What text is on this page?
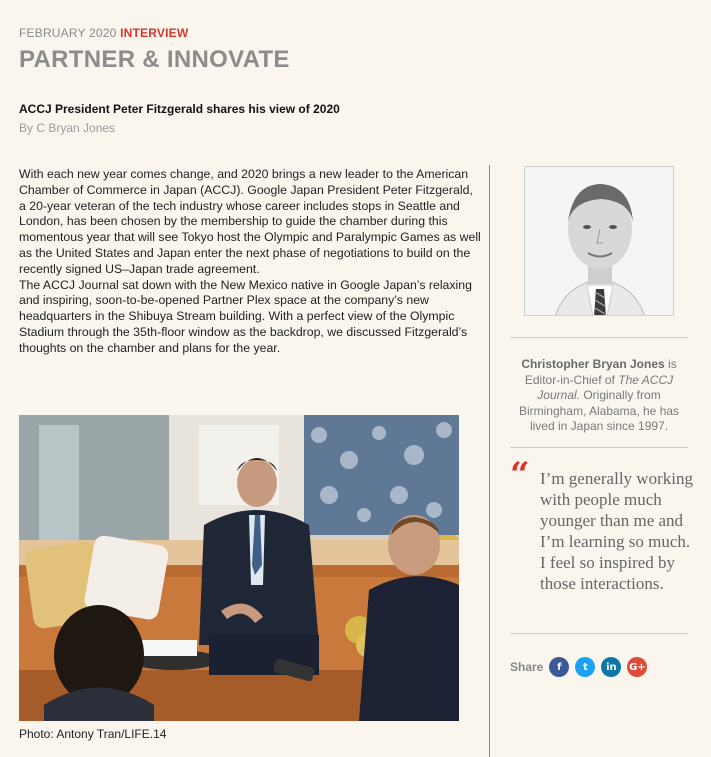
FEBRUARY 2020 INTERVIEW
PARTNER & INNOVATE
ACCJ President Peter Fitzgerald shares his view of 2020
By C Bryan Jones

With each new year comes change, and 2020 brings a new leader to the American Chamber of Commerce in Japan (ACCJ). Google Japan President Peter Fitzgerald, a 20-year veteran of the tech industry whose career includes stops in Seattle and London, has been chosen by the membership to guide the chamber during this momentous year that will see Tokyo host the Olympic and Paralympic Games as well as the United States and Japan enter the next phase of negotiations to build on the recently signed US–Japan trade agreement.

The ACCJ Journal sat down with the New Mexico native in Google Japan’s relaxing and inspiring, soon-to-be-opened Partner Plex space at the company’s new headquarters in the Shibuya Stream building. With a perfect view of the Olympic Stadium through the 35th-floor window as the backdrop, we discussed Fitzgerald’s thoughts on the chamber and plans for the year.

Photo: Antony Tran/LIFE.14
Christopher Bryan Jones is Editor-in-Chief of The ACCJ Journal. Originally from Birmingham, Alabama, he has lived in Japan since 1997.
“ I’m generally working with people much younger than me and I’m learning so much. I feel so inspired by those interactions.
Share	f	t	in	G+
